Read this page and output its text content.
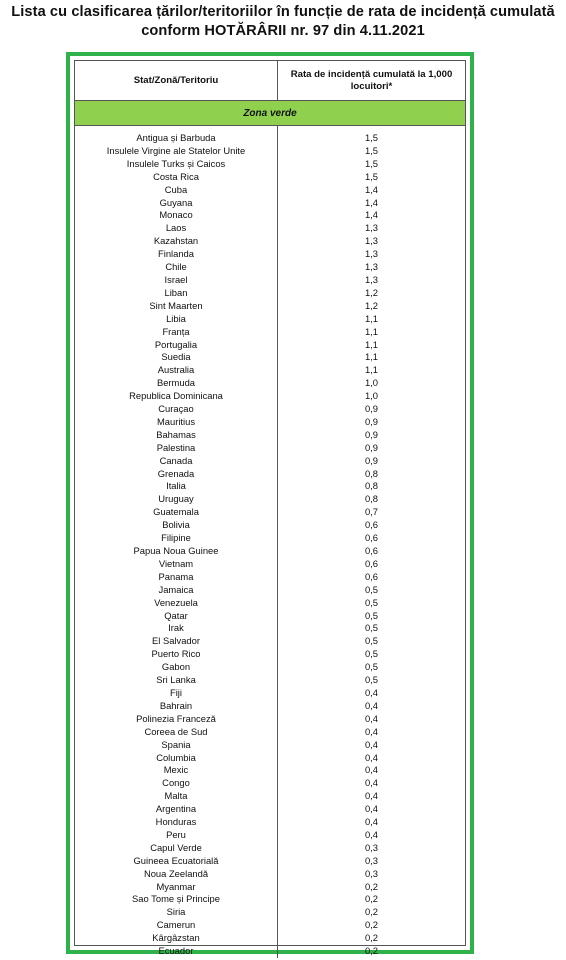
Lista cu clasificarea țărilor/teritoriilor în funcție de rata de incidență cumulată
conform HOTĂRÂRII nr. 97 din 4.11.2021
Stat/Zonă/Teritoriu
Rata de incidență cumulată la 1,000 locuitori*
Zona verde
Antigua și Barbuda	1,5
Insulele Virgine ale Statelor Unite	1,5
Insulele Turks și Caicos	1,5
Costa Rica	1,5
Cuba	1,4
Guyana	1,4
Monaco	1,4
Laos	1,3
Kazahstan	1,3
Finlanda	1,3
Chile	1,3
Israel	1,3
Liban	1,2
Sint Maarten	1,2
Libia	1,1
Franța	1,1
Portugalia	1,1
Suedia	1,1
Australia	1,1
Bermuda	1,0
Republica Dominicana	1,0
Curaçao	0,9
Mauritius	0,9
Bahamas	0,9
Palestina	0,9
Canada	0,9
Grenada	0,8
Italia	0,8
Uruguay	0,8
Guatemala	0,7
Bolivia	0,6
Filipine	0,6
Papua Noua Guinee	0,6
Vietnam	0,6
Panama	0,6
Jamaica	0,5
Venezuela	0,5
Qatar	0,5
Irak	0,5
El Salvador	0,5
Puerto Rico	0,5
Gabon	0,5
Sri Lanka	0,5
Fiji	0,4
Bahrain	0,4
Polinezia Franceză	0,4
Coreea de Sud	0,4
Spania	0,4
Columbia	0,4
Mexic	0,4
Congo	0,4
Malta	0,4
Argentina	0,4
Honduras	0,4
Peru	0,4
Capul Verde	0,3
Guineea Ecuatorială	0,3
Noua Zeelandă	0,3
Myanmar	0,2
Sao Tome și Principe	0,2
Siria	0,2
Camerun	0,2
Kârgâzstan	0,2
Ecuador	0,2
